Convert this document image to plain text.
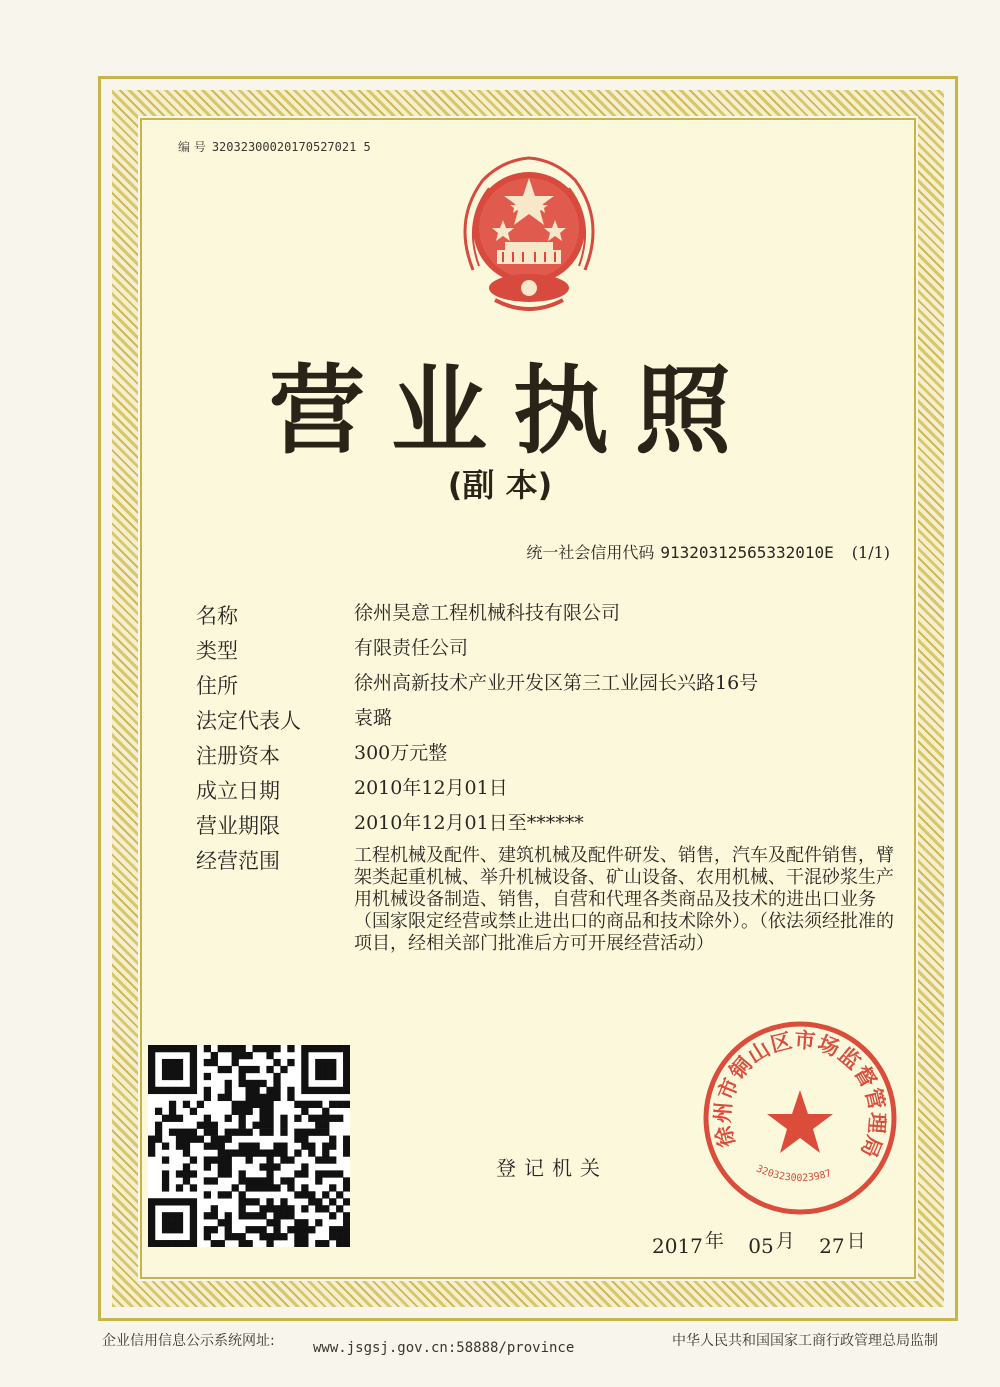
编 号 32032300020170527021 5
营业执照
(副 本)
统一社会信用代码 91320312565332010E (1/1)
名称	徐州昊意工程机械科技有限公司
类型	有限责任公司
住所	徐州高新技术产业开发区第三工业园长兴路16号
法定代表人	袁璐
注册资本	300万元整
成立日期	2010年12月01日
营业期限	2010年12月01日至******
经营范围	工程机械及配件、建筑机械及配件研发、销售，汽车及配件销售，臂架类起重机械、举升机械设备、矿山设备、农用机械、干混砂浆生产用机械设备制造、销售，自营和代理各类商品及技术的进出口业务（国家限定经营或禁止进出口的商品和技术除外）。（依法须经批准的项目，经相关部门批准后方可开展经营活动）
登记机关
徐州市铜山区市场监督管理局
3203230023987
2017 年 05 月 27 日
企业信用信息公示系统网址:	www.jsgsj.gov.cn:58888/province	中华人民共和国国家工商行政管理总局监制
